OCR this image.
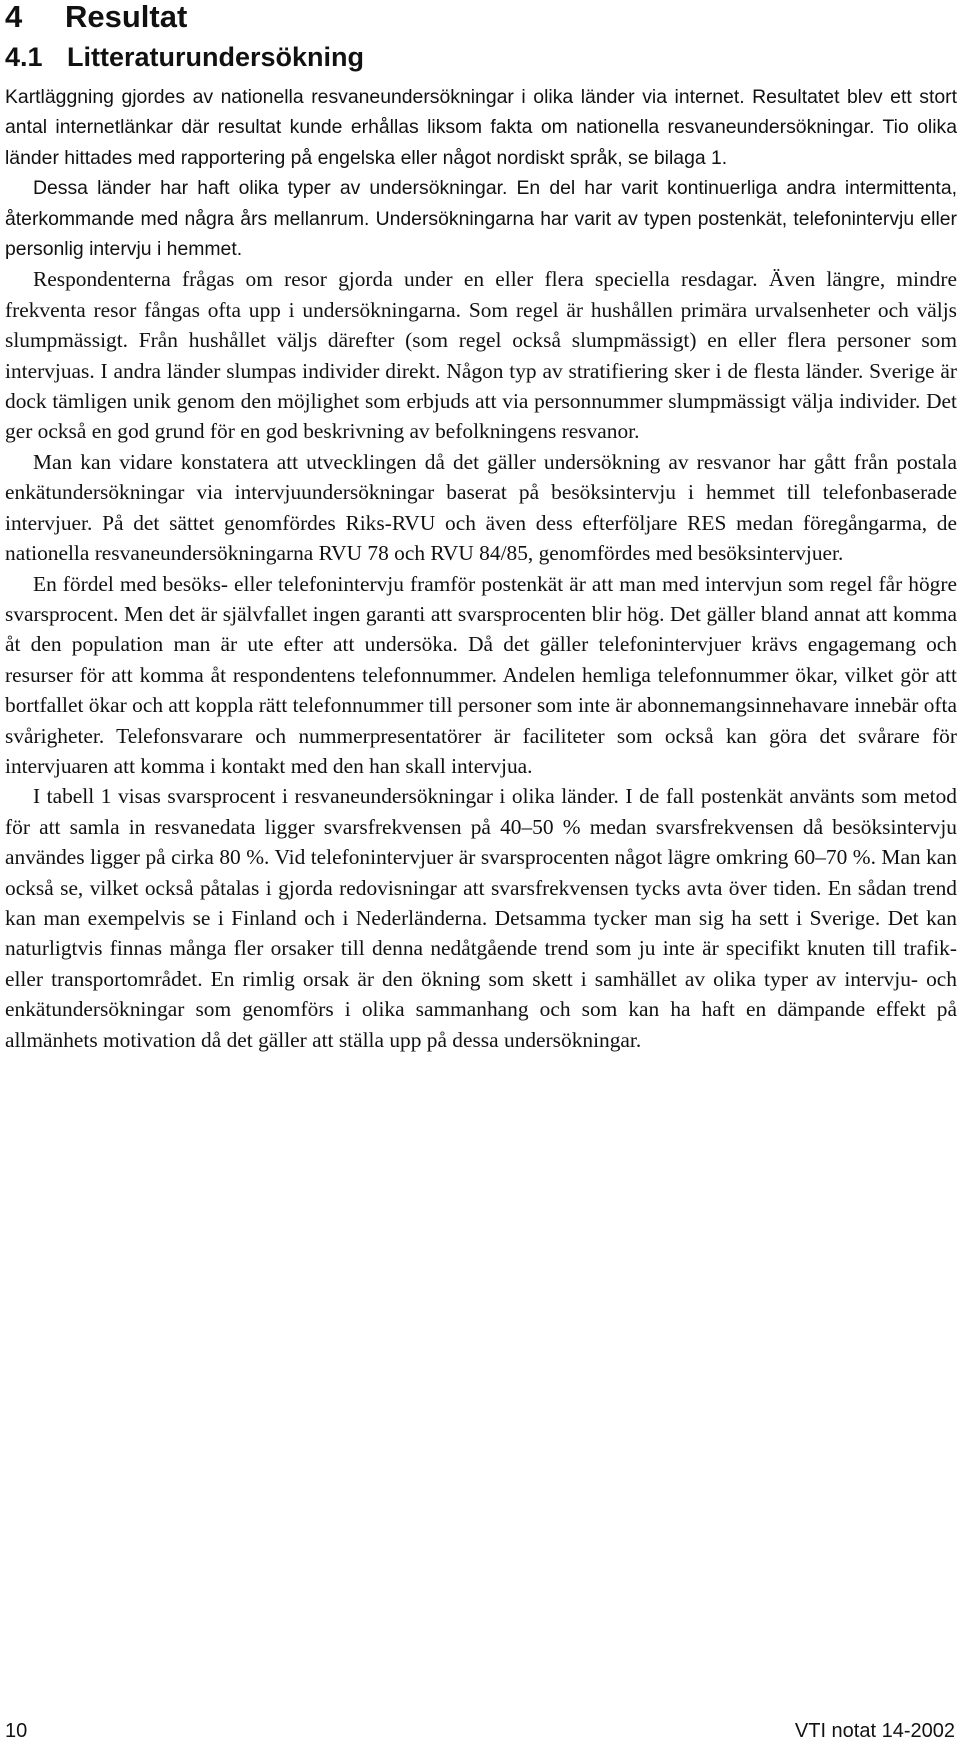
4 Resultat
4.1 Litteraturundersökning

Kartläggning gjordes av nationella resvaneundersökningar i olika länder via internet. Resultatet blev ett stort antal internetlänkar där resultat kunde erhållas liksom fakta om nationella resvaneundersökningar. Tio olika länder hittades med rapportering på engelska eller något nordiskt språk, se bilaga 1.

Dessa länder har haft olika typer av undersökningar. En del har varit kontinuerliga andra intermittenta, återkommande med några års mellanrum. Undersökningarna har varit av typen postenkät, telefonintervju eller personlig intervju i hemmet.

Respondenterna frågas om resor gjorda under en eller flera speciella resdagar. Även längre, mindre frekventa resor fångas ofta upp i undersökningarna. Som regel är hushållen primära urvalsenheter och väljs slumpmässigt. Från hushållet väljs därefter (som regel också slumpmässigt) en eller flera personer som intervjuas. I andra länder slumpas individer direkt. Någon typ av stratifiering sker i de flesta länder. Sverige är dock tämligen unik genom den möjlighet som erbjuds att via personnummer slumpmässigt välja individer. Det ger också en god grund för en god beskrivning av befolkningens resvanor.

Man kan vidare konstatera att utvecklingen då det gäller undersökning av resvanor har gått från postala enkätundersökningar via intervjuundersökningar baserat på besöksintervju i hemmet till telefonbaserade intervjuer. På det sättet genomfördes Riks-RVU och även dess efterföljare RES medan föregångarma, de nationella resvaneundersökningarna RVU 78 och RVU 84/85, genomfördes med besöksintervjuer.

En fördel med besöks- eller telefonintervju framför postenkät är att man med intervjun som regel får högre svarsprocent. Men det är självfallet ingen garanti att svarsprocenten blir hög. Det gäller bland annat att komma åt den population man är ute efter att undersöka. Då det gäller telefonintervjuer krävs engagemang och resurser för att komma åt respondentens telefonnummer. Andelen hemliga telefonnummer ökar, vilket gör att bortfallet ökar och att koppla rätt telefonnummer till personer som inte är abonnemangsinnehavare innebär ofta svårigheter. Telefonsvarare och nummerpresentatörer är faciliteter som också kan göra det svårare för intervjuaren att komma i kontakt med den han skall intervjua.

I tabell 1 visas svarsprocent i resvaneundersökningar i olika länder. I de fall postenkät använts som metod för att samla in resvanedata ligger svarsfrekvensen på 40–50 % medan svarsfrekvensen då besöksintervju användes ligger på cirka 80 %. Vid telefonintervjuer är svarsprocenten något lägre omkring 60–70 %. Man kan också se, vilket också påtalas i gjorda redovisningar att svarsfrekvensen tycks avta över tiden. En sådan trend kan man exempelvis se i Finland och i Nederländerna. Detsamma tycker man sig ha sett i Sverige. Det kan naturligtvis finnas många fler orsaker till denna nedåtgående trend som ju inte är specifikt knuten till trafik- eller transportområdet. En rimlig orsak är den ökning som skett i samhället av olika typer av intervju- och enkätundersökningar som genomförs i olika sammanhang och som kan ha haft en dämpande effekt på allmänhets motivation då det gäller att ställa upp på dessa undersökningar.

10	VTI notat 14-2002
